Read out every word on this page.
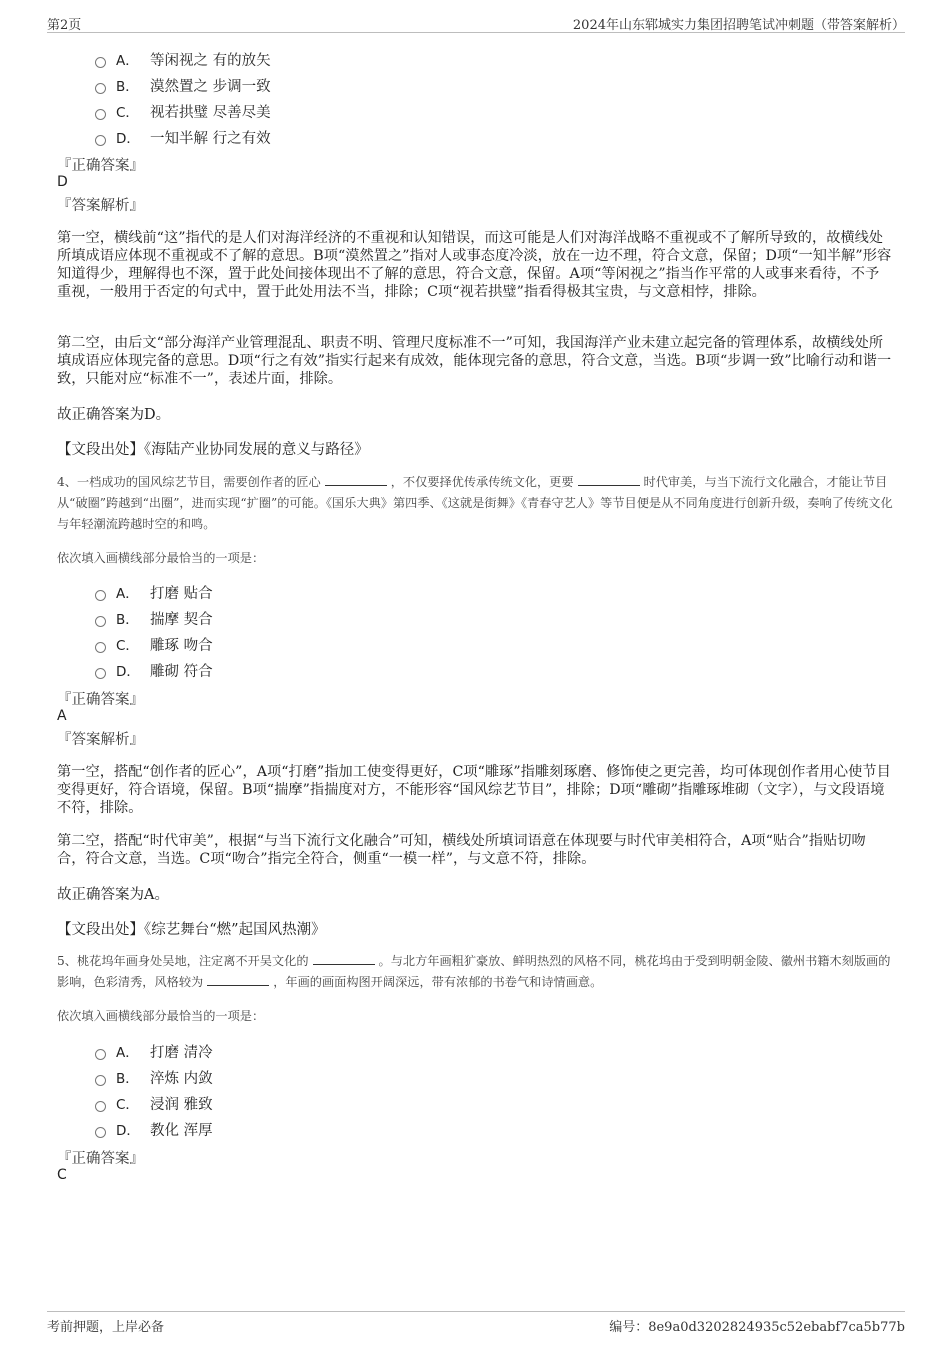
第2页	2024年山东郓城实力集团招聘笔试冲刺题（带答案解析）
A． 等闲视之 有的放矢
B． 漠然置之 步调一致
C． 视若拱璧 尽善尽美
D． 一知半解 行之有效
『正确答案』
D
『答案解析』

第一空，横线前“这”指代的是人们对海洋经济的不重视和认知错误，而这可能是人们对海洋战略不重视或不了解所导致的，故横线处所填成语应体现不重视或不了解的意思。B项“漠然置之”指对人或事态度冷淡，放在一边不理，符合文意，保留；D项“一知半解”形容知道得少，理解得也不深，置于此处间接体现出不了解的意思，符合文意，保留。A项“等闲视之”指当作平常的人或事来看待，不予重视，一般用于否定的句式中，置于此处用法不当，排除；C项“视若拱璧”指看得极其宝贵，与文意相悖，排除。

第二空，由后文“部分海洋产业管理混乱、职责不明、管理尺度标准不一”可知，我国海洋产业未建立起完备的管理体系，故横线处所填成语应体现完备的意思。D项“行之有效”指实行起来有成效，能体现完备的意思，符合文意，当选。B项“步调一致”比喻行动和谐一致，只能对应“标准不一”，表述片面，排除。

故正确答案为D。
【文段出处】《海陆产业协同发展的意义与路径》

4、一档成功的国风综艺节目，需要创作者的匠心	，不仅要择优传承传统文化，更要	时代审美，与当下流行文化融合，才能让节目从“破圈”跨越到“出圈”，进而实现“扩圈”的可能。《国乐大典》第四季、《这就是街舞》《青春守艺人》等节目便是从不同角度进行创新升级，奏响了传统文化与年轻潮流跨越时空的和鸣。

依次填入画横线部分最恰当的一项是：
A． 打磨 贴合
B． 揣摩 契合
C． 雕琢 吻合
D． 雕砌 符合
『正确答案』
A
『答案解析』

第一空，搭配“创作者的匠心”，A项“打磨”指加工使变得更好，C项“雕琢”指雕刻琢磨、修饰使之更完善，均可体现创作者用心使节目变得更好，符合语境，保留。B项“揣摩”指揣度对方，不能形容“国风综艺节目”，排除；D项“雕砌”指雕琢堆砌（文字），与文段语境不符，排除。

第二空，搭配“时代审美”，根据“与当下流行文化融合”可知，横线处所填词语意在体现要与时代审美相符合，A项“贴合”指贴切吻合，符合文意，当选。C项“吻合”指完全符合，侧重“一模一样”，与文意不符，排除。

故正确答案为A。
【文段出处】《综艺舞台“燃”起国风热潮》

5、桃花坞年画身处吴地，注定离不开吴文化的	。与北方年画粗犷豪放、鲜明热烈的风格不同，桃花坞由于受到明朝金陵、徽州书籍木刻版画的影响，色彩清秀，风格较为	，年画的画面构图开阔深远，带有浓郁的书卷气和诗情画意。

依次填入画横线部分最恰当的一项是：
A． 打磨 清冷
B． 淬炼 内敛
C． 浸润 雅致
D． 教化 浑厚
『正确答案』
C
考前押题，上岸必备	编号：8e9a0d3202824935c52ebabf7ca5b77b
